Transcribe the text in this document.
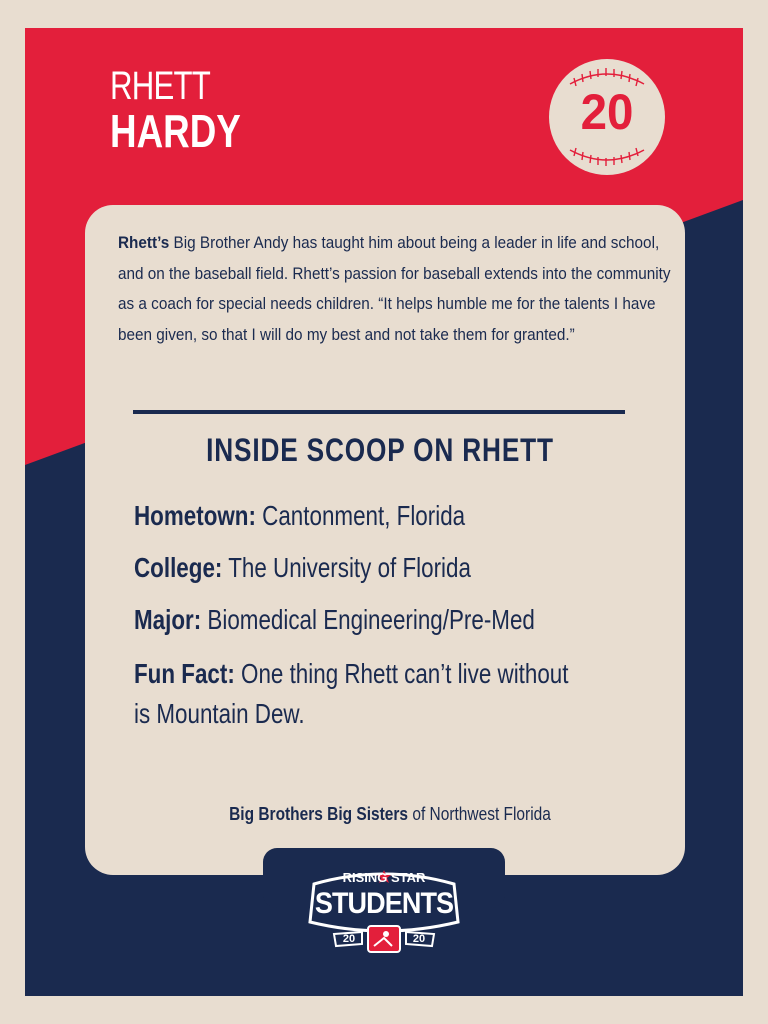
RHETT
HARDY	20
Rhett’s Big Brother Andy has taught him about being a leader in life and school, and on the baseball field. Rhett’s passion for baseball extends into the community as a coach for special needs children. “It helps humble me for the talents I have been given, so that I will do my best and not take them for granted.”
INSIDE SCOOP ON RHETT
Hometown: Cantonment, Florida
College: The University of Florida
Major: Biomedical Engineering/Pre-Med
Fun Fact: One thing Rhett can’t live without
is Mountain Dew.
Big Brothers Big Sisters of Northwest Florida
RISING STAR
STUDENTS
20	20
